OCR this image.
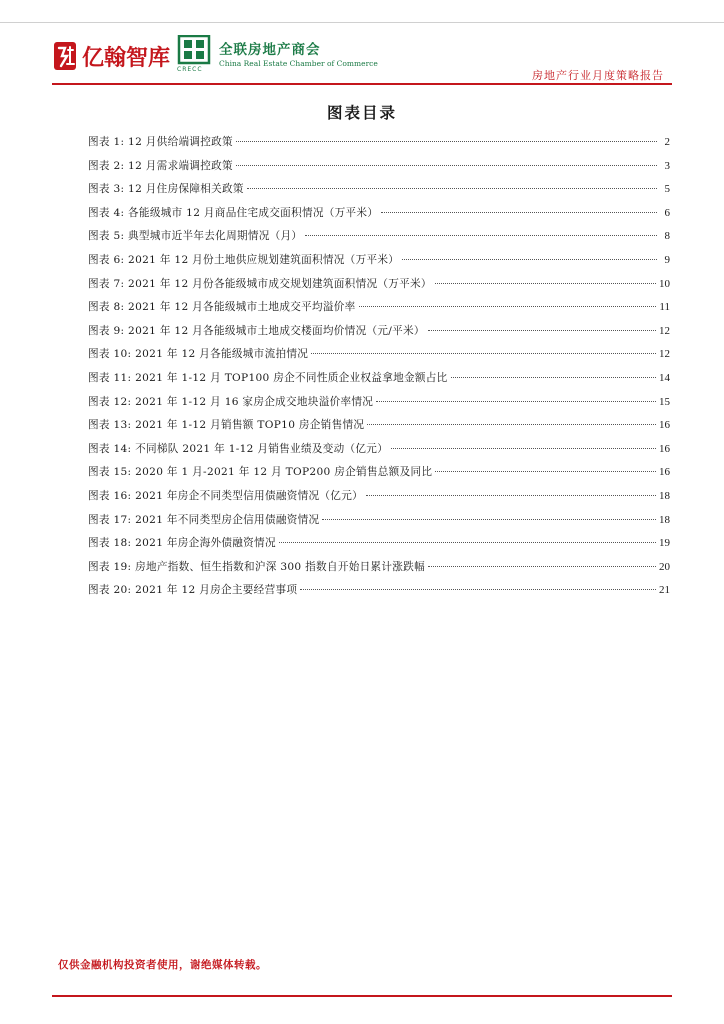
亿翰智库 CRECC
全联房地产商会
China Real Estate Chamber of Commerce
房地产行业月度策略报告
图表目录
图表 1: 12 月供给端调控政策	2
图表 2: 12 月需求端调控政策	3
图表 3: 12 月住房保障相关政策	5
图表 4: 各能级城市 12 月商品住宅成交面积情况（万平米）	6
图表 5: 典型城市近半年去化周期情况（月）	8
图表 6: 2021 年 12 月份土地供应规划建筑面积情况（万平米）	9
图表 7: 2021 年 12 月份各能级城市成交规划建筑面积情况（万平米）	10
图表 8: 2021 年 12 月各能级城市土地成交平均溢价率	11
图表 9: 2021 年 12 月各能级城市土地成交楼面均价情况（元/平米）	12
图表 10: 2021 年 12 月各能级城市流拍情况	12
图表 11: 2021 年 1-12 月 TOP100 房企不同性质企业权益拿地金额占比	14
图表 12: 2021 年 1-12 月 16 家房企成交地块溢价率情况	15
图表 13: 2021 年 1-12 月销售额 TOP10 房企销售情况	16
图表 14: 不同梯队 2021 年 1-12 月销售业绩及变动（亿元）	16
图表 15: 2020 年 1 月-2021 年 12 月 TOP200 房企销售总额及同比	16
图表 16: 2021 年房企不同类型信用债融资情况（亿元）	18
图表 17: 2021 年不同类型房企信用债融资情况	18
图表 18: 2021 年房企海外债融资情况	19
图表 19: 房地产指数、恒生指数和沪深 300 指数自开始日累计涨跌幅	20
图表 20: 2021 年 12 月房企主要经营事项	21
仅供金融机构投资者使用，谢绝媒体转载。
